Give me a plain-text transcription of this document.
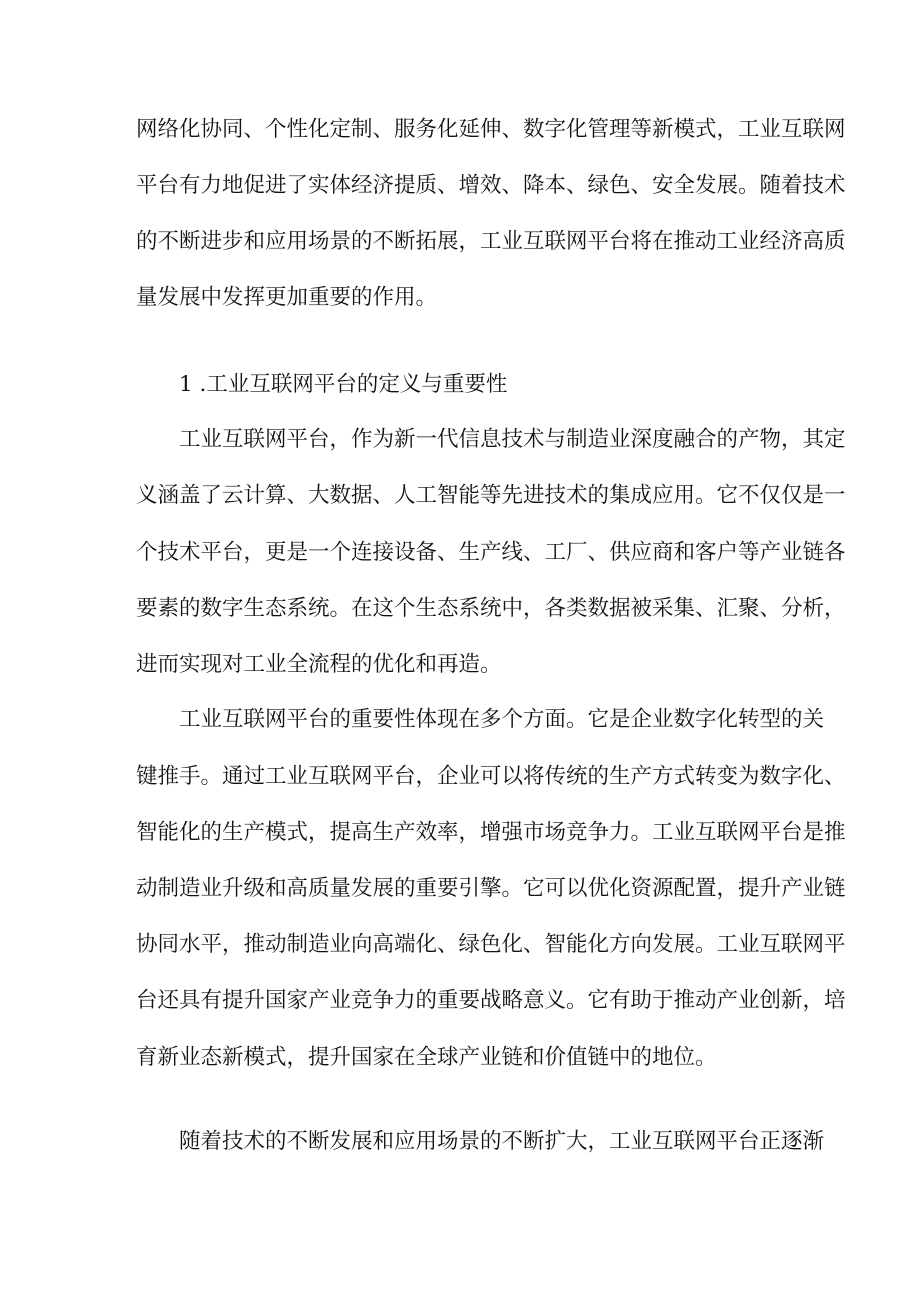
网络化协同、个性化定制、服务化延伸、数字化管理等新模式，工业互联网
平台有力地促进了实体经济提质、增效、降本、绿色、安全发展。随着技术
的不断进步和应用场景的不断拓展，工业互联网平台将在推动工业经济高质
量发展中发挥更加重要的作用。
1 .工业互联网平台的定义与重要性
工业互联网平台，作为新一代信息技术与制造业深度融合的产物，其定
义涵盖了云计算、大数据、人工智能等先进技术的集成应用。它不仅仅是一
个技术平台，更是一个连接设备、生产线、工厂、供应商和客户等产业链各
要素的数字生态系统。在这个生态系统中，各类数据被采集、汇聚、分析，
进而实现对工业全流程的优化和再造。
工业互联网平台的重要性体现在多个方面。它是企业数字化转型的关
键推手。通过工业互联网平台，企业可以将传统的生产方式转变为数字化、
智能化的生产模式，提高生产效率，增强市场竞争力。工业互联网平台是推
动制造业升级和高质量发展的重要引擎。它可以优化资源配置，提升产业链
协同水平，推动制造业向高端化、绿色化、智能化方向发展。工业互联网平
台还具有提升国家产业竞争力的重要战略意义。它有助于推动产业创新，培
育新业态新模式，提升国家在全球产业链和价值链中的地位。
随着技术的不断发展和应用场景的不断扩大，工业互联网平台正逐渐
